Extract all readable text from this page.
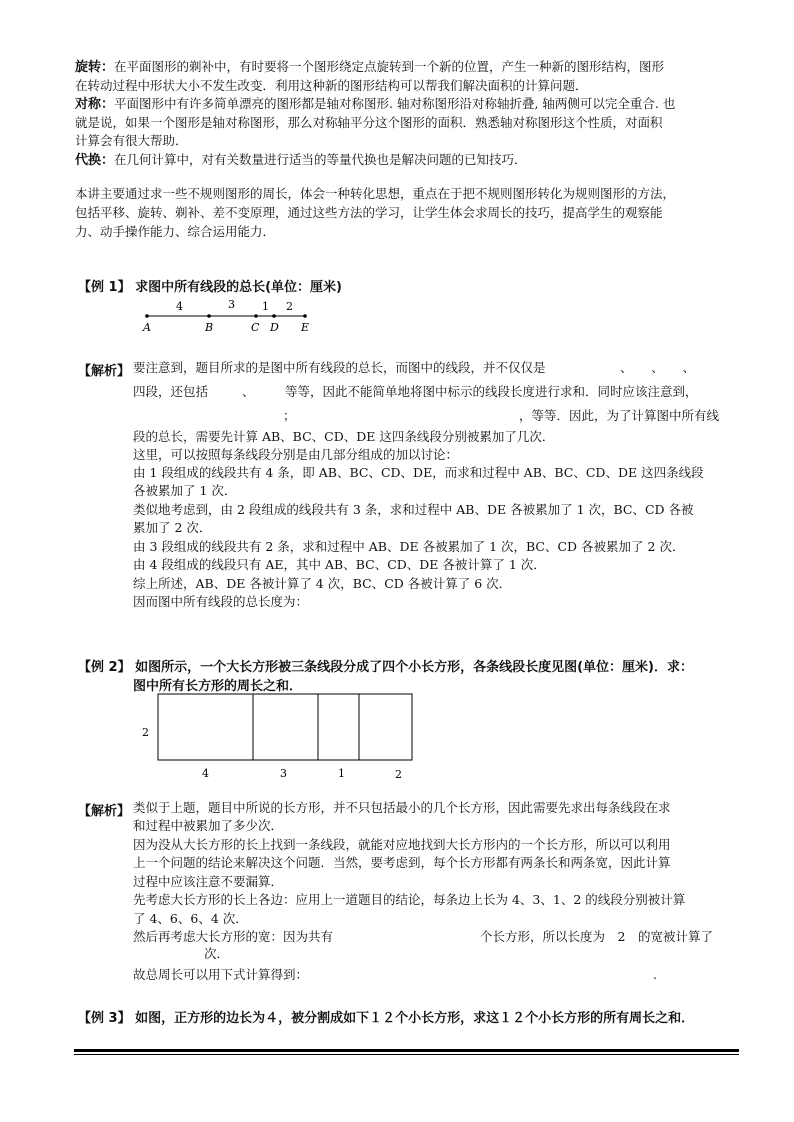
旋转：在平面图形的剃补中，有时要将一个图形绕定点旋转到一个新的位置，产生一种新的图形结构，图形
在转动过程中形状大小不发生改变．利用这种新的图形结构可以帮我们解决面积的计算问题．
对称：平面图形中有许多简单漂亮的图形都是轴对称图形. 轴对称图形沿对称轴折叠, 轴两侧可以完全重合. 也
就是说，如果一个图形是轴对称图形，那么对称轴平分这个图形的面积．熟悉轴对称图形这个性质，对面积
计算会有很大帮助．
代换：在几何计算中，对有关数量进行适当的等量代换也是解决问题的已知技巧．
本讲主要通过求一些不规则图形的周长，体会一种转化思想，重点在于把不规则图形转化为规则图形的方法，
包括平移、旋转、剃补、差不变原理，通过这些方法的学习，让学生体会求周长的技巧，提高学生的观察能
力、动手操作能力、综合运用能力．
【例 1】 求图中所有线段的总长(单位：厘米)
4	3 1 2
A	B	C D E
【解析】 要注意到，题目所求的是图中所有线段的总长，而图中的线段，并不仅仅是	、　　、　　、
四段，还包括	、 等等，因此不能简单地将图中标示的线段长度进行求和．同时应该注意到，
；	，等等．因此，为了计算图中所有线
段的总长，需要先计算 AB、BC、CD、DE 这四条线段分别被累加了几次．
这里，可以按照每条线段分别是由几部分组成的加以讨论：
由 1 段组成的线段共有 4 条，即 AB、BC、CD、DE，而求和过程中 AB、BC、CD、DE 这四条线段
各被累加了 1 次．
类似地考虑到，由 2 段组成的线段共有 3 条，求和过程中 AB、DE 各被累加了 1 次，BC、CD 各被
累加了 2 次．
由 3 段组成的线段共有 2 条，求和过程中 AB、DE 各被累加了 1 次，BC、CD 各被累加了 2 次．
由 4 段组成的线段只有 AE，其中 AB、BC、CD、DE 各被计算了 1 次．
综上所述，AB、DE 各被计算了 4 次，BC、CD 各被计算了 6 次．
因而图中所有线段的总长度为：
【例 2】 如图所示，一个大长方形被三条线段分成了四个小长方形，各条线段长度见图(单位：厘米)．求：
图中所有长方形的周长之和．
2
4	3	1	2
【解析】 类似于上题，题目中所说的长方形，并不只包括最小的几个长方形，因此需要先求出每条线段在求
和过程中被累加了多少次．
因为没从大长方形的长上找到一条线段，就能对应地找到大长方形内的一个长方形，所以可以利用
上一个问题的结论来解决这个问题．当然，要考虑到，每个长方形都有两条长和两条宽，因此计算
过程中应该注意不要漏算．
先考虑大长方形的长上各边：应用上一道题目的结论，每条边上长为 4、3、1、2 的线段分别被计算
了 4、6、6、4 次．
然后再考虑大长方形的宽：因为共有	个长方形，所以长度为　2　的宽被计算了
次．
故总周长可以用下式计算得到：	.
【例 3】 如图，正方形的边长为４，被分割成如下１２个小长方形，求这１２个小长方形的所有周长之和．
